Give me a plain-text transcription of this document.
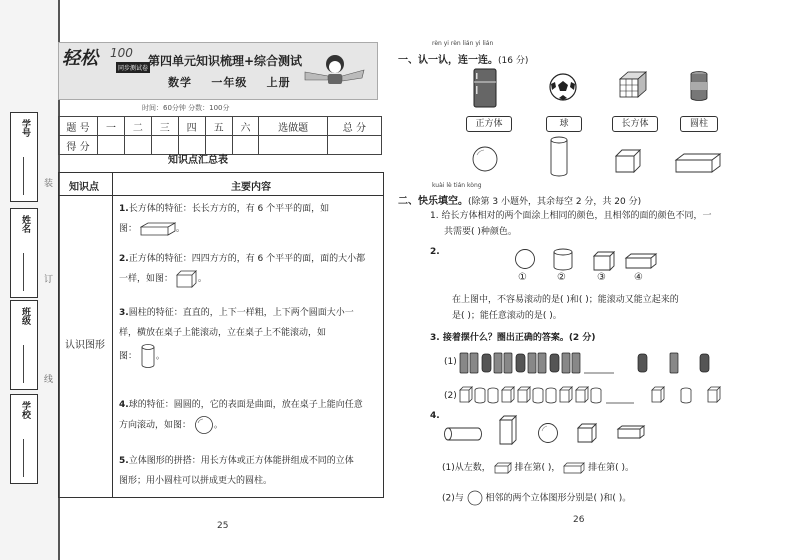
学号
姓名
班级
学校
装
订
线
轻松 100
同步测试卷
第四单元知识梳理+综合测试
数学 一年级 上册
时间：60分钟 分数：100分
题 号	一	二	三	四	五	六	选做题	总 分
得 分								
知识点汇总表
知识点	主要内容
认识图形
1.长方体的特征：长长方方的，有 6 个平平的面，如
图：	。
2.正方体的特征：四四方方的，有 6 个平平的面，面的大小都
一样，如图：	。
3.圆柱的特征：直直的，上下一样粗，上下两个圆面大小一
样，横放在桌子上能滚动，立在桌子上不能滚动，如
图： 。
4.球的特征：圆圆的，它的表面是曲面，放在桌子上能向任意
方向滚动，如图：	。
5.立体图形的拼搭：用长方体或正方体能拼组成不同的立体
图形；用小圆柱可以拼成更大的圆柱。
25
rèn yi rèn lián yi lián
一、认一认，连一连。(16 分)
正方体	球	长方体	圆柱
kuài lè tián kòng
二、快乐填空。(除第 3 小题外，其余每空 2 分，共 20 分)
1. 给长方体相对的两个面涂上相同的颜色，且相邻的面的颜色不同，一
共需要( )种颜色。
2.
①	②	③	④
在上图中，不容易滚动的是( )和( )；能滚动又能立起来的
是( )；能任意滚动的是( )。
3. 接着摆什么？圈出正确的答案。(2 分)
(1)
(2)
4.
(1)从左数，	排在第( )，	排在第( )。
(2)与 相邻的两个立体图形分别是( )和( )。
26
